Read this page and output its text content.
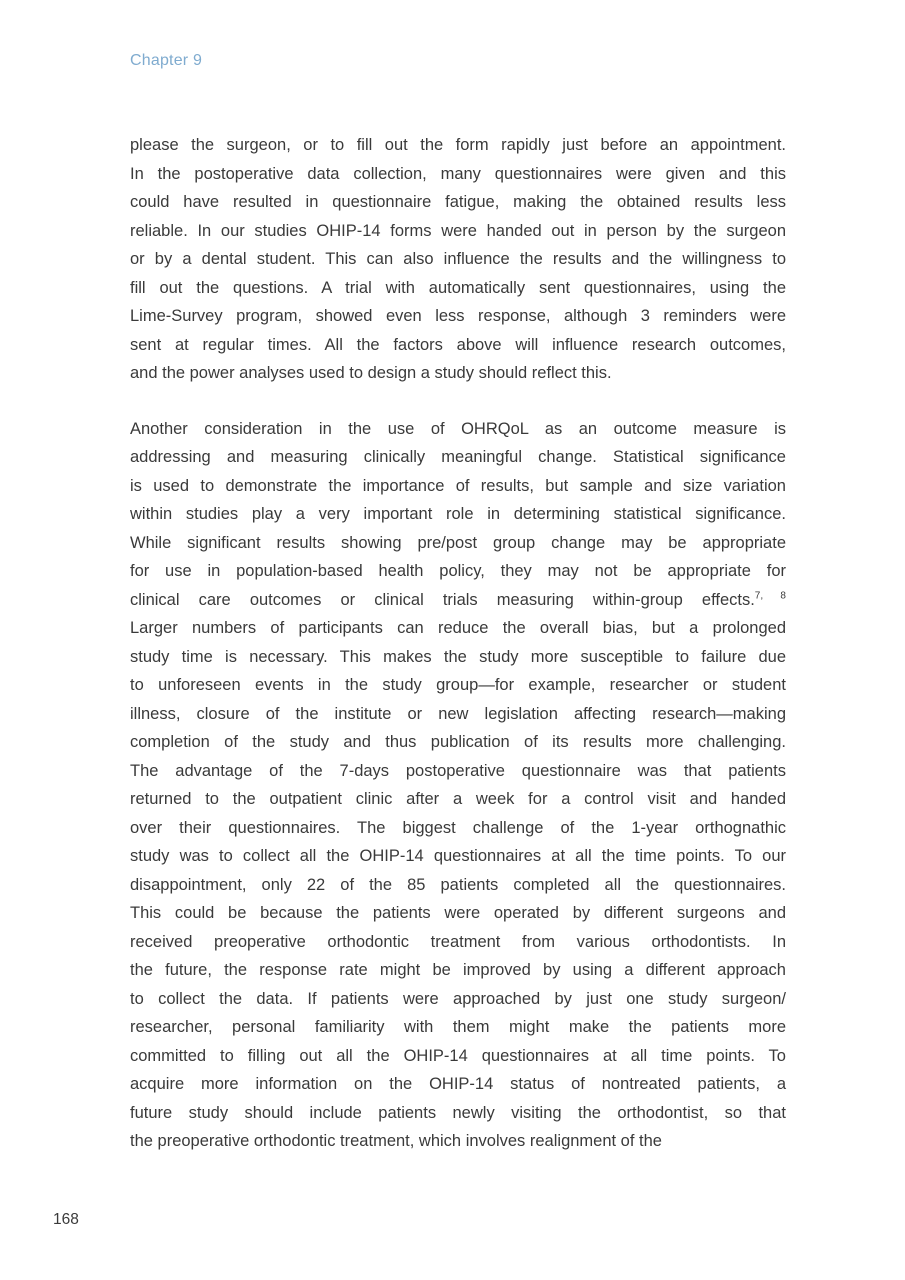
Chapter 9
please the surgeon, or to fill out the form rapidly just before an appointment.
In the postoperative data collection, many questionnaires were given and this
could have resulted in questionnaire fatigue, making the obtained results less
reliable. In our studies OHIP-14 forms were handed out in person by the surgeon
or by a dental student. This can also influence the results and the willingness to
fill out the questions. A trial with automatically sent questionnaires, using the
Lime-Survey program, showed even less response, although 3 reminders were
sent at regular times. All the factors above will influence research outcomes,
and the power analyses used to design a study should reflect this.
Another consideration in the use of OHRQoL as an outcome measure is
addressing and measuring clinically meaningful change. Statistical significance
is used to demonstrate the importance of results, but sample and size variation
within studies play a very important role in determining statistical significance.
While significant results showing pre/post group change may be appropriate
for use in population-based health policy, they may not be appropriate for
clinical care outcomes or clinical trials measuring within-group effects.$^{7, 8}$
Larger numbers of participants can reduce the overall bias, but a prolonged
study time is necessary. This makes the study more susceptible to failure due
to unforeseen events in the study group—for example, researcher or student
illness, closure of the institute or new legislation affecting research—making
completion of the study and thus publication of its results more challenging.
The advantage of the 7-days postoperative questionnaire was that patients
returned to the outpatient clinic after a week for a control visit and handed
over their questionnaires. The biggest challenge of the 1-year orthognathic
study was to collect all the OHIP-14 questionnaires at all the time points. To our
disappointment, only 22 of the 85 patients completed all the questionnaires.
This could be because the patients were operated by different surgeons and
received preoperative orthodontic treatment from various orthodontists. In
the future, the response rate might be improved by using a different approach
to collect the data. If patients were approached by just one study surgeon/
researcher, personal familiarity with them might make the patients more
committed to filling out all the OHIP-14 questionnaires at all time points. To
acquire more information on the OHIP-14 status of nontreated patients, a
future study should include patients newly visiting the orthodontist, so that
the preoperative orthodontic treatment, which involves realignment of the
168
